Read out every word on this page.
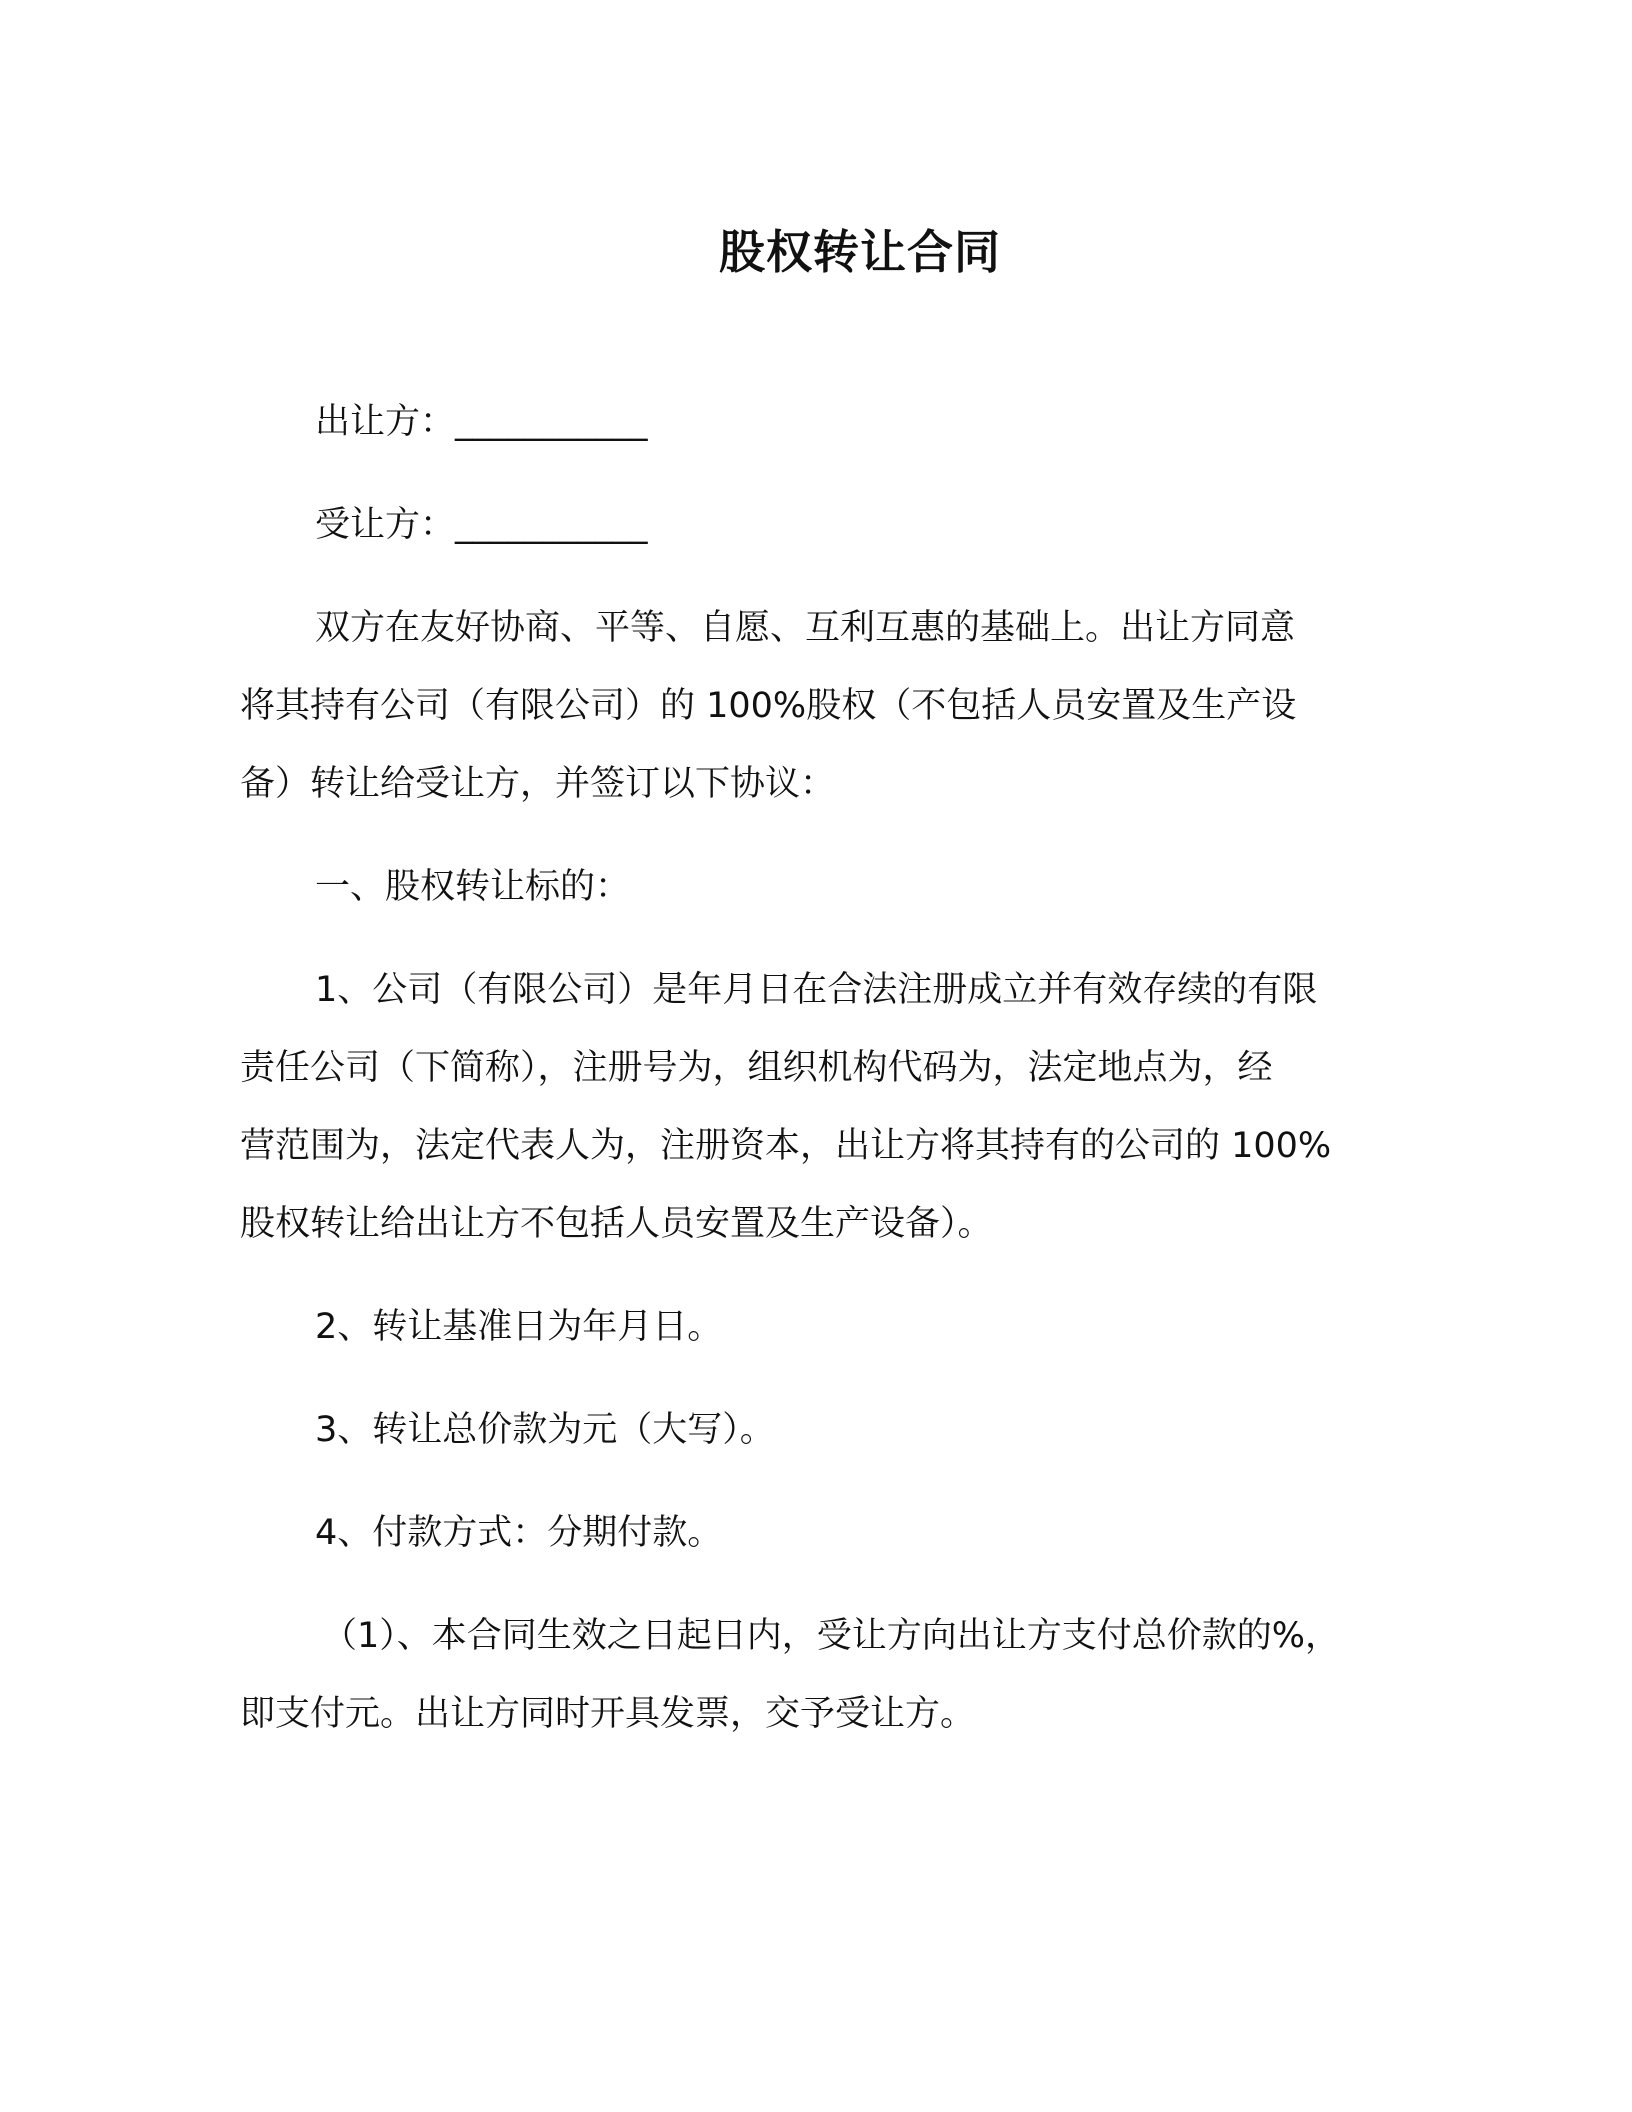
股权转让合同
出让方：___________
受让方：___________
双方在友好协商、平等、自愿、互利互惠的基础上。出让方同意
将其持有公司（有限公司）的 100%股权（不包括人员安置及生产设
备）转让给受让方，并签订以下协议：
一、股权转让标的：
1、公司（有限公司）是年月日在合法注册成立并有效存续的有限
责任公司（下简称），注册号为，组织机构代码为，法定地点为，经
营范围为，法定代表人为，注册资本，出让方将其持有的公司的 100%
股权转让给出让方不包括人员安置及生产设备）。
2、转让基准日为年月日。
3、转让总价款为元（大写）。
4、付款方式：分期付款。
（1）、本合同生效之日起日内，受让方向出让方支付总价款的%，
即支付元。出让方同时开具发票，交予受让方。
